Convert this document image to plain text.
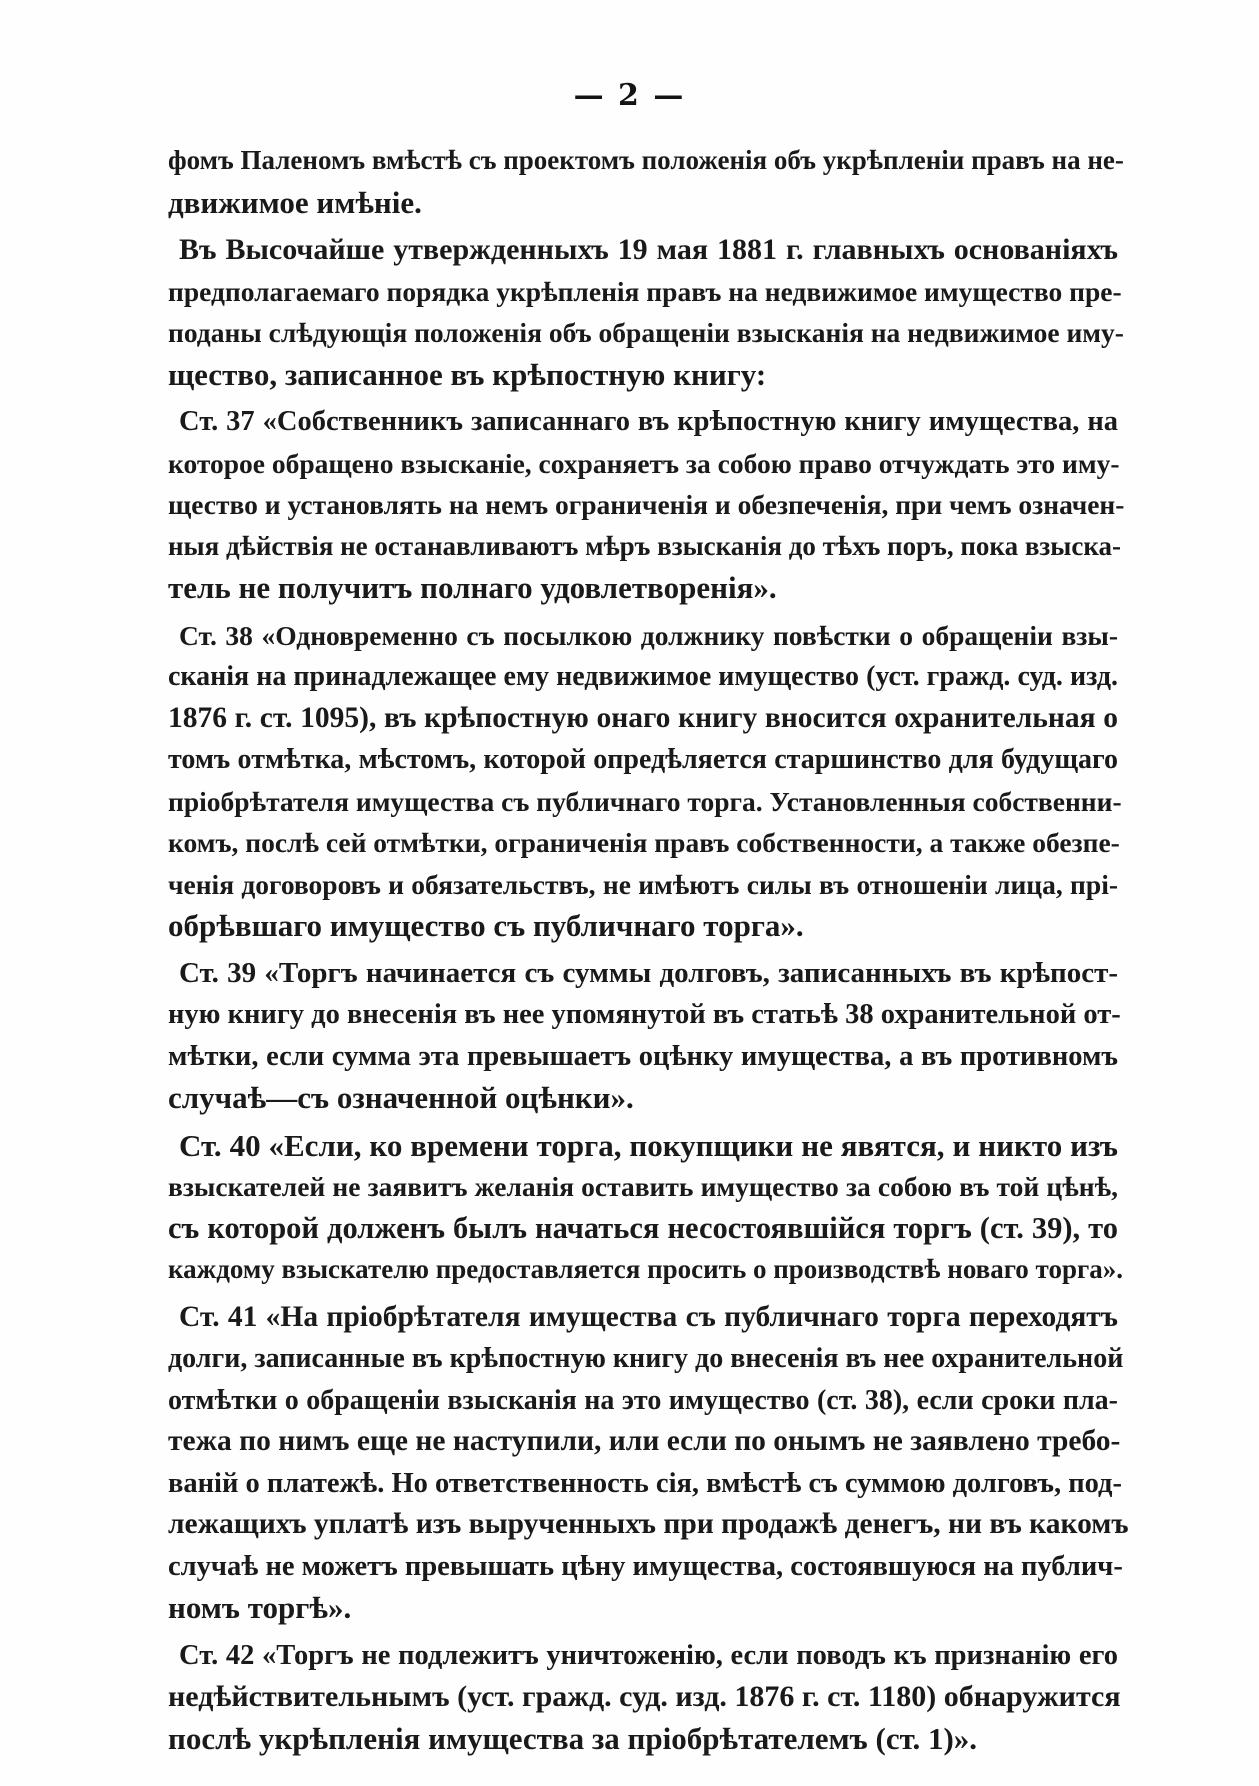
— 2 —
фомъ Паленомъ вмѣстѣ съ проектомъ положенія объ укрѣпленіи правъ на не-
движимое имѣніе.
Въ Высочайше утвержденныхъ 19 мая 1881 г. главныхъ основаніяхъ
предполагаемаго порядка укрѣпленія правъ на недвижимое имущество пре-
поданы слѣдующія положенія объ обращеніи взысканія на недвижимое иму-
щество, записанное въ крѣпостную книгу:
Ст. 37 «Собственникъ записаннаго въ крѣпостную книгу имущества, на
которое обращено взысканіе, сохраняетъ за собою право отчуждать это иму-
щество и установлять на немъ ограниченія и обезпеченія, при чемъ означен-
ныя дѣйствія не останавливаютъ мѣръ взысканія до тѣхъ поръ, пока взыска-
тель не получитъ полнаго удовлетворенія».
Ст. 38 «Одновременно съ посылкою должнику повѣстки о обращеніи взы-
сканія на принадлежащее ему недвижимое имущество (уст. гражд. суд. изд.
1876 г. ст. 1095), въ крѣпостную онаго книгу вносится охранительная о
томъ отмѣтка, мѣстомъ, которой опредѣляется старшинство для будущаго
пріобрѣтателя имущества съ публичнаго торга. Установленныя собственни-
комъ, послѣ сей отмѣтки, ограниченія правъ собственности, а также обезпе-
ченія договоровъ и обязательствъ, не имѣютъ силы въ отношеніи лица, прі-
обрѣвшаго имущество съ публичнаго торга».
Ст. 39 «Торгъ начинается съ суммы долговъ, записанныхъ въ крѣпост-
ную книгу до внесенія въ нее упомянутой въ статьѣ 38 охранительной от-
мѣтки, если сумма эта превышаетъ оцѣнку имущества, а въ противномъ
случаѣ—съ означенной оцѣнки».
Ст. 40 «Если, ко времени торга, покупщики не явятся, и никто изъ
взыскателей не заявитъ желанія оставить имущество за собою въ той цѣнѣ,
съ которой долженъ былъ начаться несостоявшійся торгъ (ст. 39), то
каждому взыскателю предоставляется просить о производствѣ новаго торга».
Ст. 41 «На пріобрѣтателя имущества съ публичнаго торга переходятъ
долги, записанные въ крѣпостную книгу до внесенія въ нее охранительной
отмѣтки о обращеніи взысканія на это имущество (ст. 38), если сроки пла-
тежа по нимъ еще не наступили, или если по онымъ не заявлено требо-
ваній о платежѣ. Но ответственность сія, вмѣстѣ съ суммою долговъ, под-
лежащихъ уплатѣ изъ вырученныхъ при продажѣ денегъ, ни въ какомъ
случаѣ не можетъ превышать цѣну имущества, состоявшуюся на публич-
номъ торгѣ».
Ст. 42 «Торгъ не подлежитъ уничтоженію, если поводъ къ признанію его
недѣйствительнымъ (уст. гражд. суд. изд. 1876 г. ст. 1180) обнаружится
послѣ укрѣпленія имущества за пріобрѣтателемъ (ст. 1)».
